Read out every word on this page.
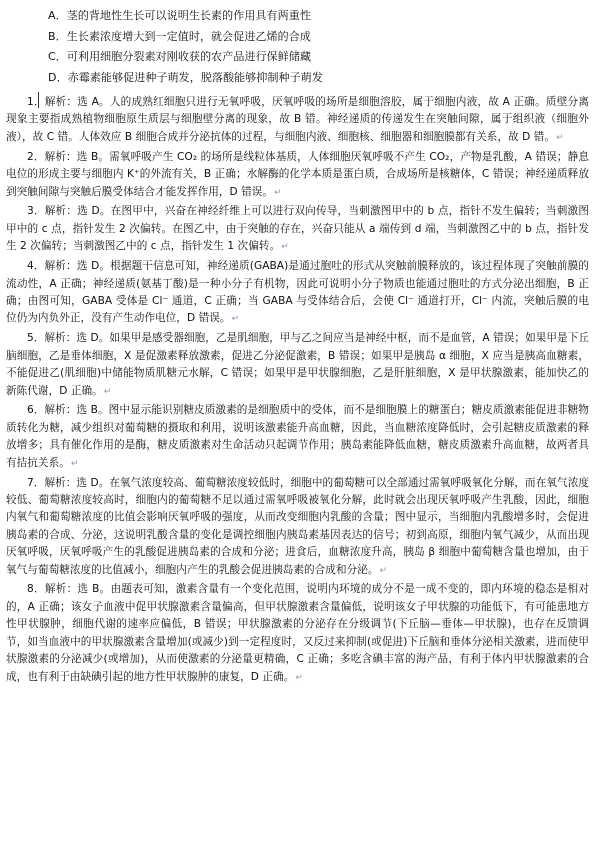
A．茎的背地性生长可以说明生长素的作用具有两重性
B．生长素浓度增大到一定值时，就会促进乙烯的合成
C．可利用细胞分裂素对刚收获的农产品进行保鲜储藏
D．赤霉素能够促进种子萌发，脱落酸能够抑制种子萌发

1．解析：选 A。人的成熟红细胞只进行无氧呼吸，厌氧呼吸的场所是细胞溶胶，属于细胞内液，故 A 正确。质壁分离现象主要指成熟植物细胞原生质层与细胞壁分离的现象，故 B 错。神经递质的传递发生在突触间隙，属于组织液（细胞外液），故 C 错。人体效应 B 细胞合成并分泌抗体的过程，与细胞内液、细胞核、细胞器和细胞膜都有关系，故 D 错。↵

2．解析：选 B。需氧呼吸产生 CO₂ 的场所是线粒体基质，人体细胞厌氧呼吸不产生 CO₂，产物是乳酸，A 错误；静息电位的形成主要与细胞内 K⁺的外流有关，B 正确；水解酶的化学本质是蛋白质，合成场所是核糖体，C 错误；神经递质释放到突触间隙与突触后膜受体结合才能发挥作用，D 错误。↵

3．解析：选 D。在图甲中，兴奋在神经纤维上可以进行双向传导，当刺激图甲中的 b 点，指针不发生偏转；当刺激图甲中的 c 点，指针发生 2 次偏转。在图乙中，由于突触的存在，兴奋只能从 a 端传到 d 端，当刺激图乙中的 b 点，指针发生 2 次偏转；当刺激图乙中的 c 点，指针发生 1 次偏转。↵

4．解析：选 D。根据题干信息可知，神经递质(GABA)是通过胞吐的形式从突触前膜释放的，该过程体现了突触前膜的流动性，A 正确；神经递质(氨基丁酸)是一种小分子有机物，因此可说明小分子物质也能通过胞吐的方式分泌出细胞，B 正确；由图可知，GABA 受体是 Cl⁻ 通道，C 正确；当 GABA 与受体结合后，会使 Cl⁻ 通道打开，Cl⁻ 内流，突触后膜的电位仍为内负外正，没有产生动作电位，D 错误。↵

5．解析：选 D。如果甲是感受器细胞，乙是肌细胞，甲与乙之间应当是神经中枢，而不是血管，A 错误；如果甲是下丘脑细胞，乙是垂体细胞，X 是促激素释放激素，促进乙分泌促激素，B 错误；如果甲是胰岛 α 细胞，X 应当是胰高血糖素，不能促进乙(肌细胞)中储能物质肌糖元水解，C 错误；如果甲是甲状腺细胞，乙是肝脏细胞，X 是甲状腺激素，能加快乙的新陈代谢，D 正确。↵

6．解析：选 B。图中显示能识别糖皮质激素的是细胞质中的受体，而不是细胞膜上的糖蛋白；糖皮质激素能促进非糖物质转化为糖，减少组织对葡萄糖的摄取和利用，说明该激素能升高血糖，因此，当血糖浓度降低时，会引起糖皮质激素的释放增多；具有催化作用的是酶，糖皮质激素对生命活动只起调节作用；胰岛素能降低血糖，糖皮质激素升高血糖，故两者具有拮抗关系。↵

7．解析：选 D。在氧气浓度较高、葡萄糖浓度较低时，细胞中的葡萄糖可以全部通过需氧呼吸氧化分解，而在氧气浓度较低、葡萄糖浓度较高时，细胞内的葡萄糖不足以通过需氧呼吸被氧化分解，此时就会出现厌氧呼吸产生乳酸，因此，细胞内氧气和葡萄糖浓度的比值会影响厌氧呼吸的强度，从而改变细胞内乳酸的含量；图中显示，当细胞内乳酸增多时，会促进胰岛素的合成、分泌，这说明乳酸含量的变化是调控细胞内胰岛素基因表达的信号；初到高原，细胞内氧气减少，从而出现厌氧呼吸，厌氧呼吸产生的乳酸促进胰岛素的合成和分泌；进食后，血糖浓度升高，胰岛 β 细胞中葡萄糖含量也增加，由于氧气与葡萄糖浓度的比值减小，细胞内产生的乳酸会促进胰岛素的合成和分泌。↵

8．解析：选 B。由题表可知，激素含量有一个变化范围，说明内环境的成分不是一成不变的，即内环境的稳态是相对的，A 正确；该女子血液中促甲状腺激素含量偏高，但甲状腺激素含量偏低，说明该女子甲状腺的功能低下，有可能患地方性甲状腺肿，细胞代谢的速率应偏低，B 错误；甲状腺激素的分泌存在分级调节(下丘脑—垂体—甲状腺)，也存在反馈调节，如当血液中的甲状腺激素含量增加(或减少)到一定程度时，又反过来抑制(或促进)下丘脑和垂体分泌相关激素，进而使甲状腺激素的分泌减少(或增加)，从而使激素的分泌量更精确，C 正确；多吃含碘丰富的海产品，有利于体内甲状腺激素的合成，也有利于由缺碘引起的地方性甲状腺肿的康复，D 正确。↵
